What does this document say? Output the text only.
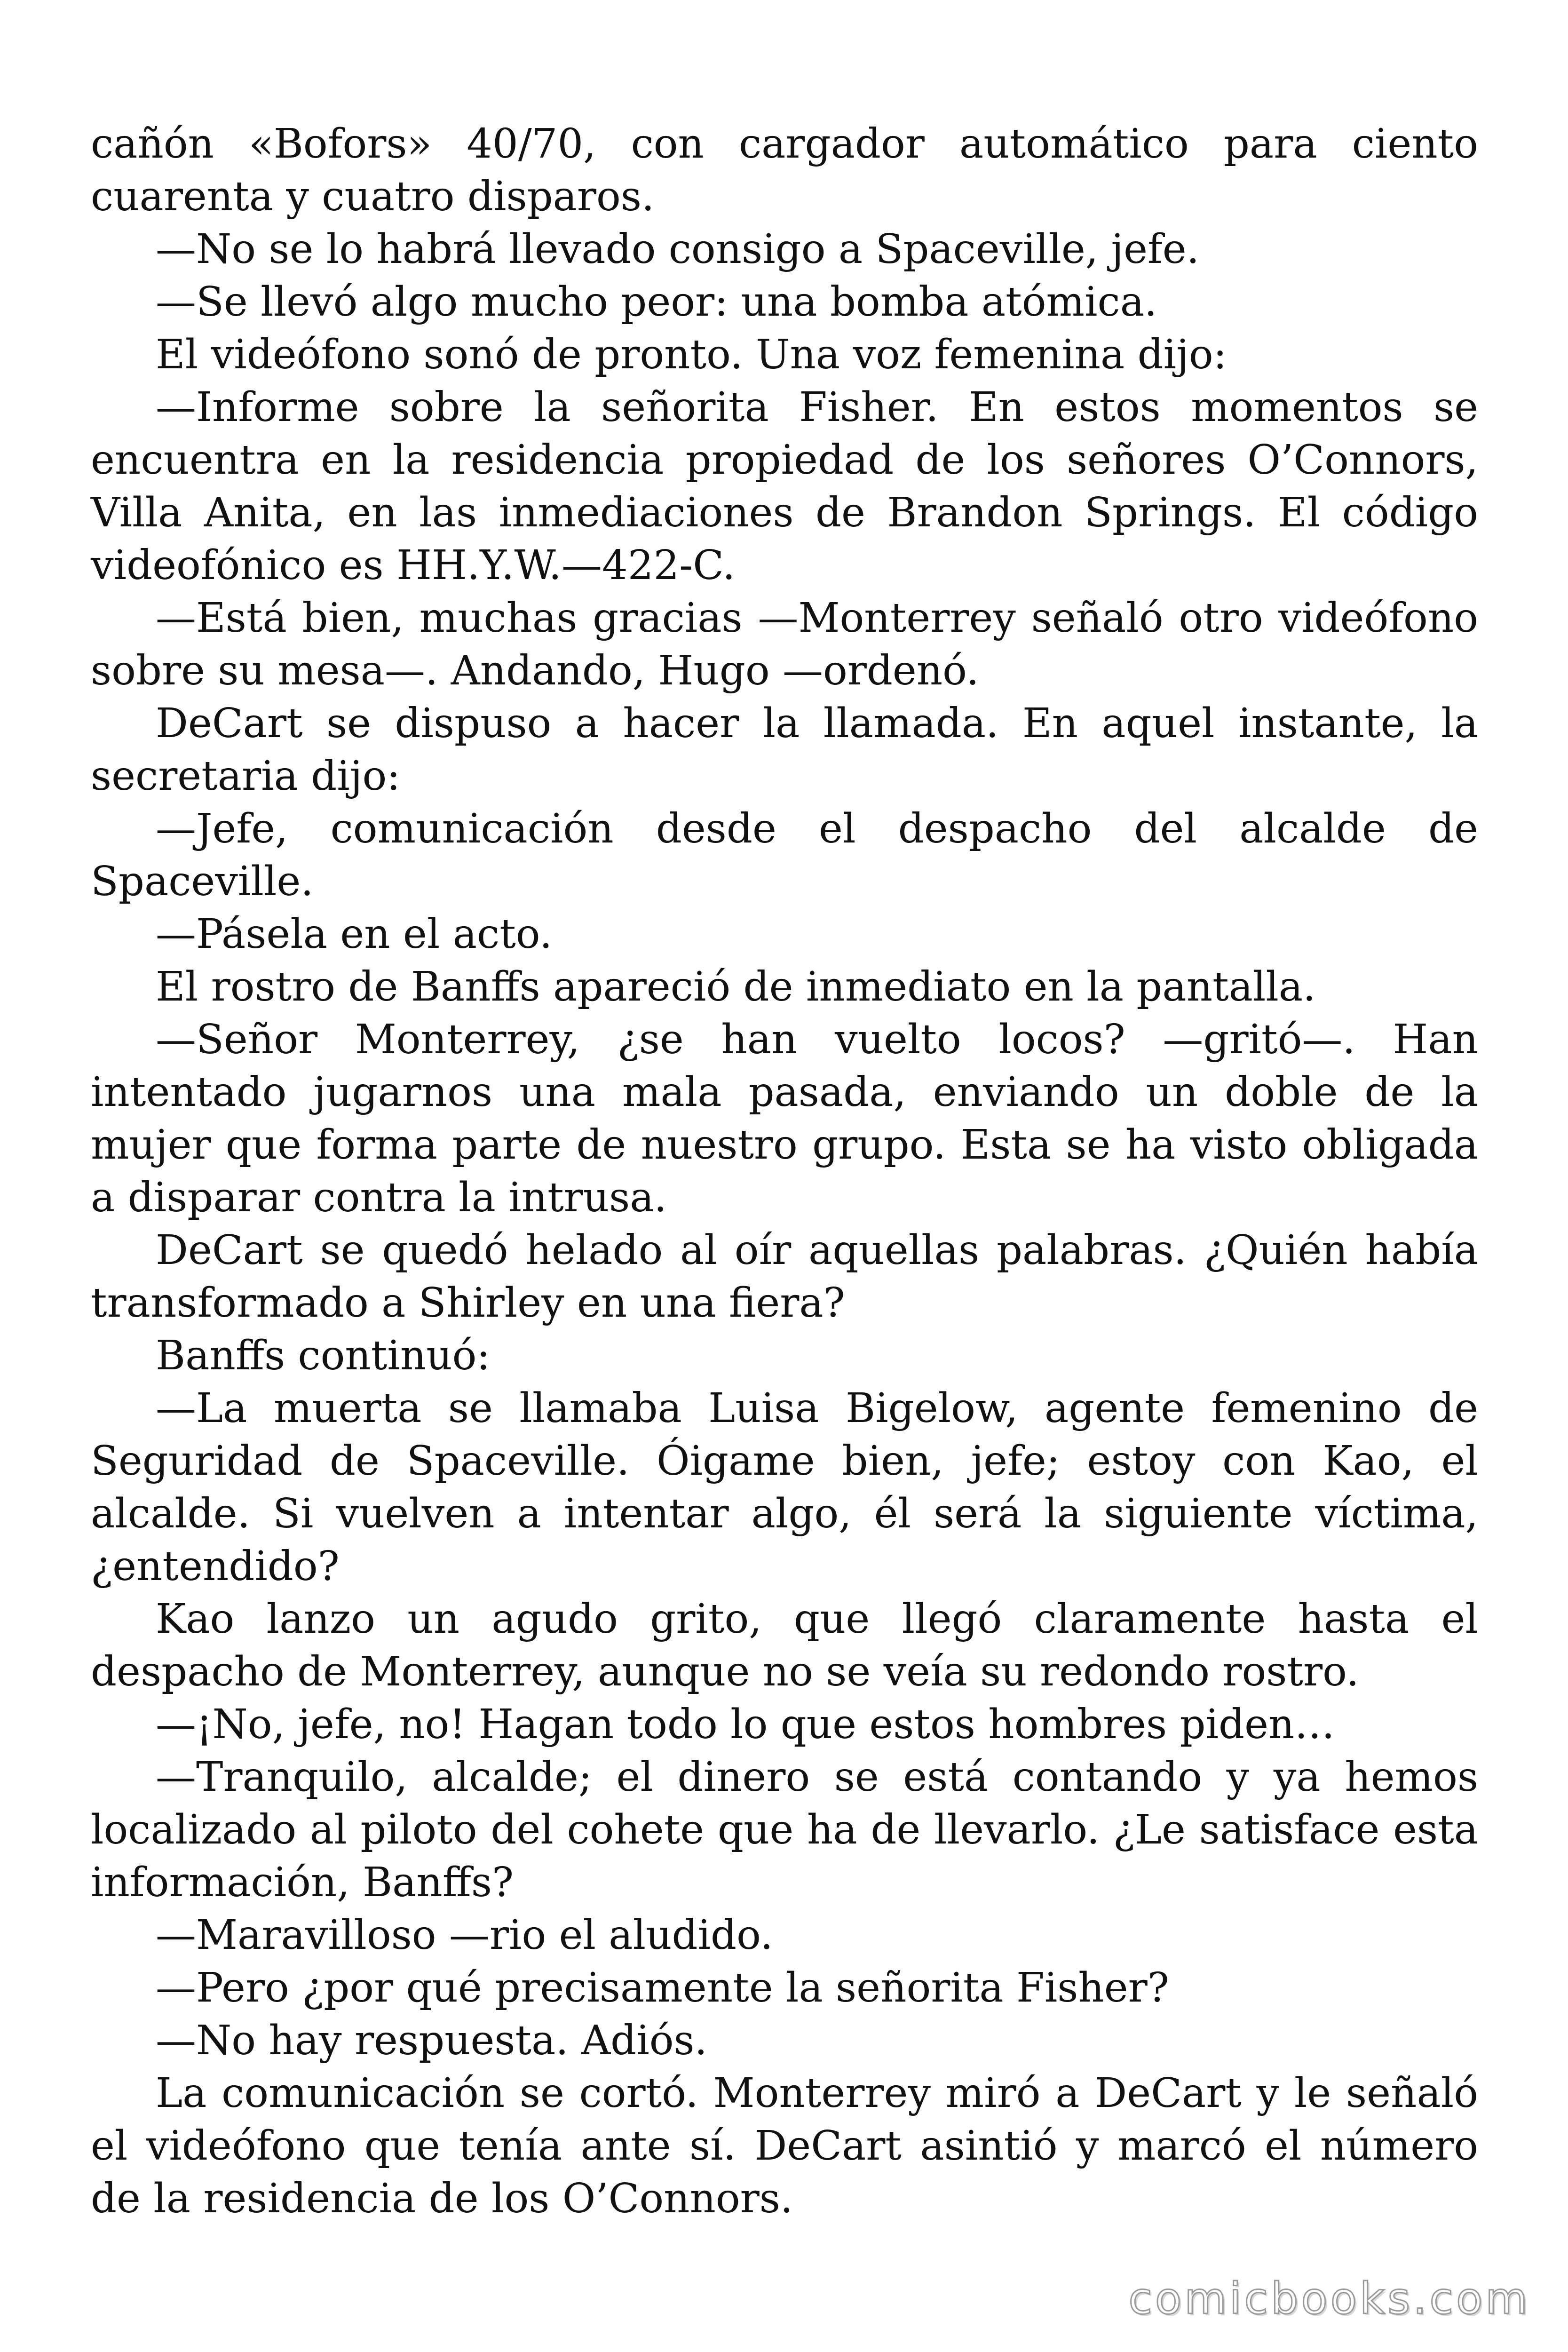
cañón «Bofors» 40/70, con cargador automático para ciento cuarenta y cuatro disparos.

—No se lo habrá llevado consigo a Spaceville, jefe.

—Se llevó algo mucho peor: una bomba atómica.

El videófono sonó de pronto. Una voz femenina dijo:

—Informe sobre la señorita Fisher. En estos momentos se encuentra en la residencia propiedad de los señores O’Connors, Villa Anita, en las inmediaciones de Brandon Springs. El código videofónico es HH.Y.W.—422-C.

—Está bien, muchas gracias —Monterrey señaló otro videófono sobre su mesa—. Andando, Hugo —ordenó.

DeCart se dispuso a hacer la llamada. En aquel instante, la secretaria dijo:

—Jefe, comunicación desde el despacho del alcalde de Spaceville.

—Pásela en el acto.

El rostro de Banffs apareció de inmediato en la pantalla.

—Señor Monterrey, ¿se han vuelto locos? —gritó—. Han intentado jugarnos una mala pasada, enviando un doble de la mujer que forma parte de nuestro grupo. Esta se ha visto obligada a disparar contra la intrusa.

DeCart se quedó helado al oír aquellas palabras. ¿Quién había transformado a Shirley en una fiera?

Banffs continuó:

—La muerta se llamaba Luisa Bigelow, agente femenino de Seguridad de Spaceville. Óigame bien, jefe; estoy con Kao, el alcalde. Si vuelven a intentar algo, él será la siguiente víctima, ¿entendido?

Kao lanzo un agudo grito, que llegó claramente hasta el despacho de Monterrey, aunque no se veía su redondo rostro.

—¡No, jefe, no! Hagan todo lo que estos hombres piden…

—Tranquilo, alcalde; el dinero se está contando y ya hemos localizado al piloto del cohete que ha de llevarlo. ¿Le satisface esta información, Banffs?

—Maravilloso —rio el aludido.

—Pero ¿por qué precisamente la señorita Fisher?

—No hay respuesta. Adiós.

La comunicación se cortó. Monterrey miró a DeCart y le señaló el videófono que tenía ante sí. DeCart asintió y marcó el número de la residencia de los O’Connors.

comicbooks.com
